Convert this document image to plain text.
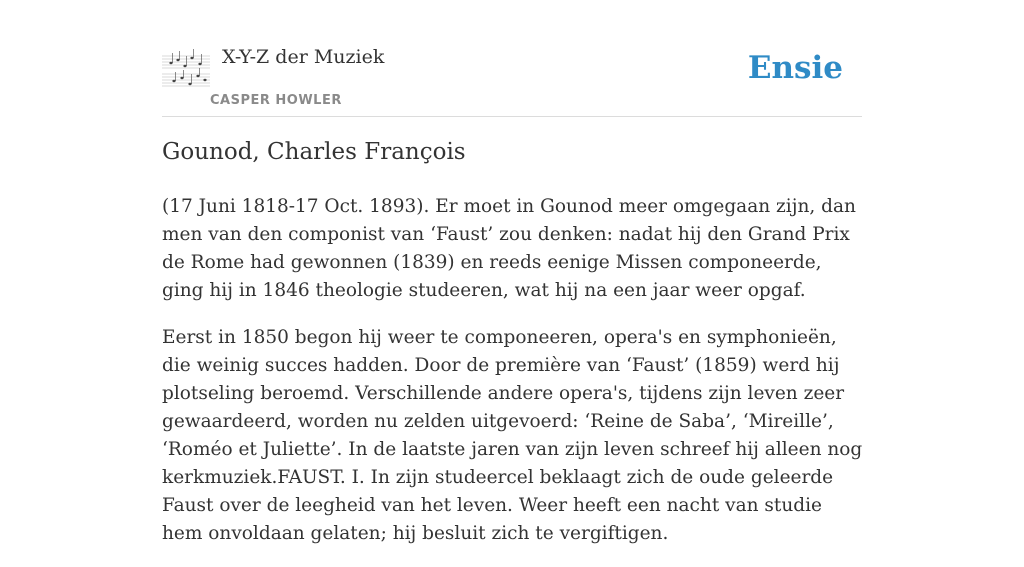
X-Y-Z der Muziek
CASPER HOWLER
Ensie
Gounod, Charles François

(17 Juni 1818-17 Oct. 1893). Er moet in Gounod meer omgegaan zijn, dan men van den componist van ‘Faust’ zou denken: nadat hij den Grand Prix de Rome had gewonnen (1839) en reeds eenige Missen componeerde, ging hij in 1846 theologie studeeren, wat hij na een jaar weer opgaf.

Eerst in 1850 begon hij weer te componeeren, opera's en symphonieën, die weinig succes hadden. Door de première van ‘Faust’ (1859) werd hij plotseling beroemd. Verschillende andere opera's, tijdens zijn leven zeer gewaardeerd, worden nu zelden uitgevoerd: ‘Reine de Saba’, ‘Mireille’, ‘Roméo et Juliette’. In de laatste jaren van zijn leven schreef hij alleen nog kerkmuziek.FAUST. I. In zijn studeercel beklaagt zich de oude geleerde Faust over de leegheid van het leven. Weer heeft een nacht van studie hem onvoldaan gelaten; hij besluit zich te vergiftigen.
